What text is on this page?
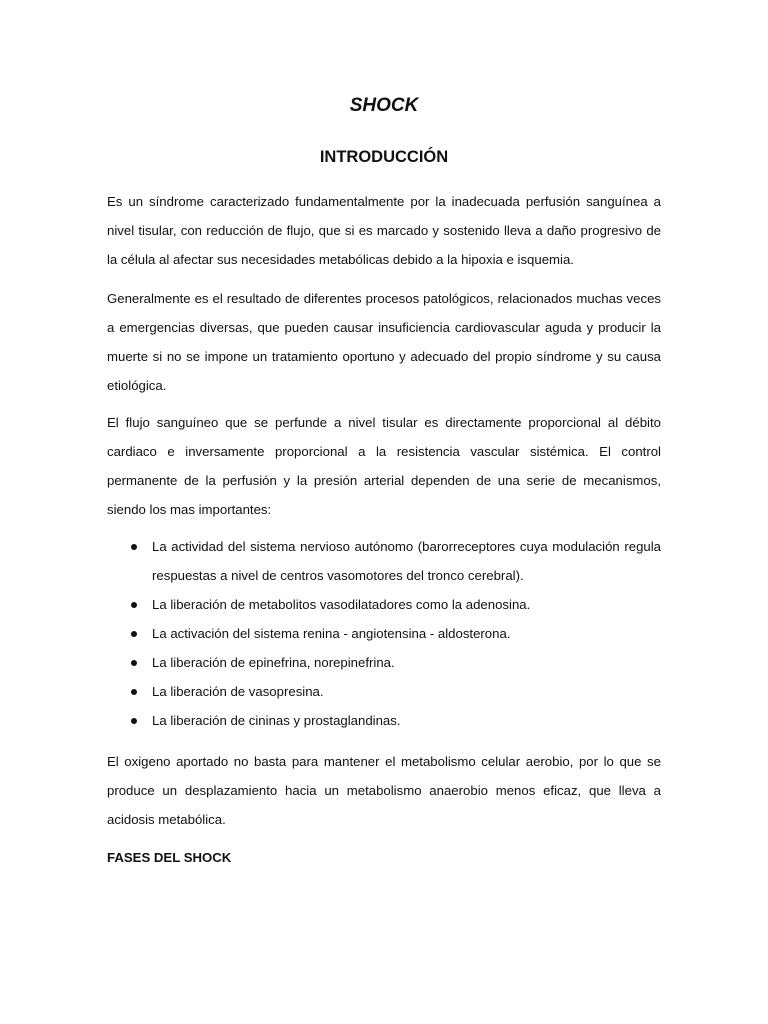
SHOCK
INTRODUCCIÓN

Es un síndrome caracterizado fundamentalmente por la inadecuada perfusión sanguínea a nivel tisular, con reducción de flujo, que si es marcado y sostenido lleva a daño progresivo de la célula al afectar sus necesidades metabólicas debido a la hipoxia e isquemia.

Generalmente es el resultado de diferentes procesos patológicos, relacionados muchas veces a emergencias diversas, que pueden causar insuficiencia cardiovascular aguda y producir la muerte si no se impone un tratamiento oportuno y adecuado del propio síndrome y su causa etiológica.

El flujo sanguíneo que se perfunde a nivel tisular es directamente proporcional al débito cardiaco e inversamente proporcional a la resistencia vascular sistémica. El control permanente de la perfusión y la presión arterial dependen de una serie de mecanismos, siendo los mas importantes:

La actividad del sistema nervioso autónomo (barorreceptores cuya modulación regula respuestas a nivel de centros vasomotores del tronco cerebral).
La liberación de metabolitos vasodilatadores como la adenosina.
La activación del sistema renina - angiotensina - aldosterona.
La liberación de epinefrina, norepinefrina.
La liberación de vasopresina.
La liberación de cininas y prostaglandinas.

El oxigeno aportado no basta para mantener el metabolismo celular aerobio, por lo que se produce un desplazamiento hacia un metabolismo anaerobio menos eficaz, que lleva a acidosis metabólica.

FASES DEL SHOCK
